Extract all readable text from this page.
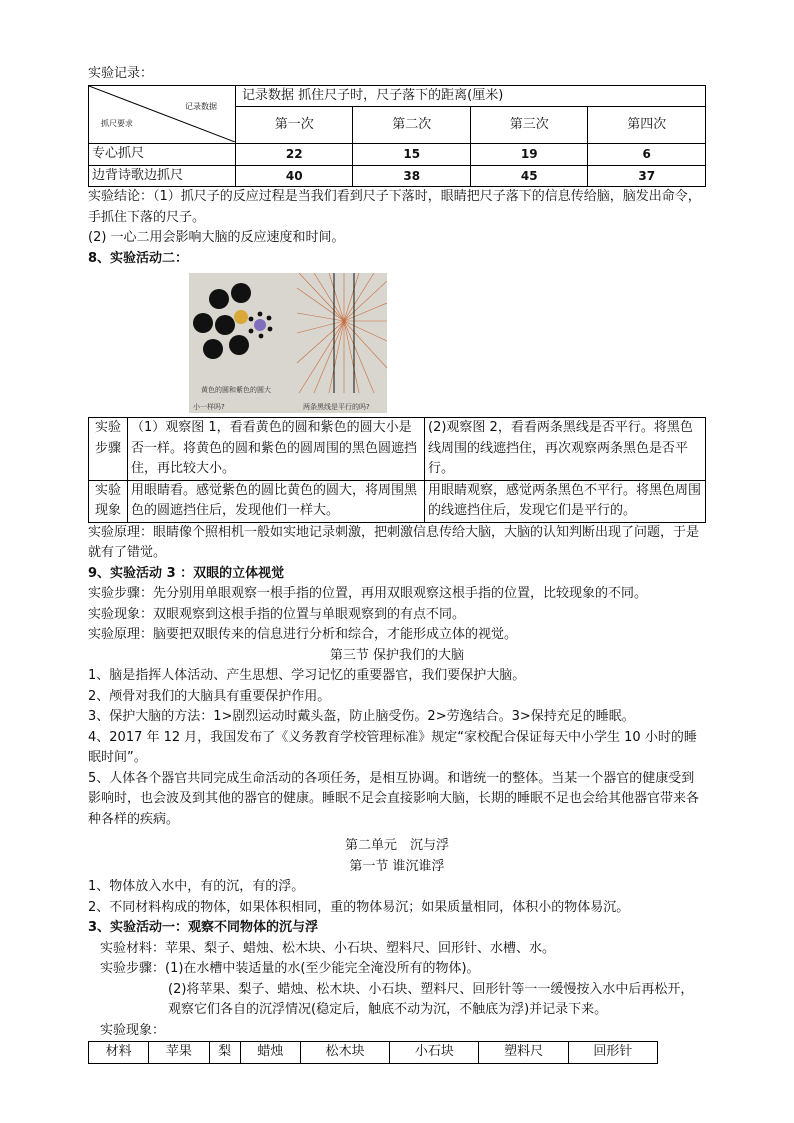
实验记录：

记录数据
抓尺要求	记录数据 抓住尺子时，尺子落下的距离(厘米)			
	第一次	第二次	第三次	第四次
专心抓尺	22	15	19	6
边背诗歌边抓尺	40	38	45	37

实验结论：（1）抓尺子的反应过程是当我们看到尺子下落时，眼睛把尺子落下的信息传给脑，脑发出命令，手抓住下落的尺子。

(2) 一心二用会影响大脑的反应速度和时间。

8、实验活动二：

黄色的圆和紫色的圆大
小一样吗?	两条黑线是平行的吗?
实验步骤	（1）观察图 1，看看黄色的圆和紫色的圆大小是否一样。将黄色的圆和紫色的圆周围的黑色圆遮挡住，再比较大小。	(2)观察图 2，看看两条黑线是否平行。将黑色线周围的线遮挡住，再次观察两条黑色是否平行。
实验现象	用眼睛看。感觉紫色的圆比黄色的圆大，将周围黑色的圆遮挡住后，发现他们一样大。	用眼睛观察，感觉两条黑色不平行。将黑色周围的线遮挡住后，发现它们是平行的。

实验原理：眼睛像个照相机一般如实地记录刺激，把刺激信息传给大脑，大脑的认知判断出现了问题，于是就有了错觉。

9、实验活动 3 ：双眼的立体视觉

实验步骤：先分别用单眼观察一根手指的位置，再用双眼观察这根手指的位置，比较现象的不同。

实验现象：双眼观察到这根手指的位置与单眼观察到的有点不同。

实验原理：脑要把双眼传来的信息进行分析和综合，才能形成立体的视觉。

第三节 保护我们的大脑

1、脑是指挥人体活动、产生思想、学习记忆的重要器官，我们要保护大脑。

2、颅骨对我们的大脑具有重要保护作用。

3、保护大脑的方法：1>剧烈运动时戴头盔，防止脑受伤。2>劳逸结合。3>保持充足的睡眠。

4、2017 年 12 月，我国发布了《义务教育学校管理标准》规定“家校配合保证每天中小学生 10 小时的睡眠时间”。

5、人体各个器官共同完成生命活动的各项任务，是相互协调。和谐统一的整体。当某一个器官的健康受到影响时，也会波及到其他的器官的健康。睡眠不足会直接影响大脑，长期的睡眠不足也会给其他器官带来各种各样的疾病。

第二单元　沉与浮

第一节 谁沉谁浮

1、物体放入水中，有的沉，有的浮。

2、不同材料构成的物体，如果体积相同，重的物体易沉；如果质量相同，体积小的物体易沉。

3、实验活动一：观察不同物体的沉与浮

实验材料：苹果、梨子、蜡烛、松木块、小石块、塑料尺、回形针、水槽、水。

实验步骤：(1)在水槽中装适量的水(至少能完全淹没所有的物体)。

(2)将苹果、梨子、蜡烛、松木块、小石块、塑料尺、回形针等一一缓慢按入水中后再松开，观察它们各自的沉浮情况(稳定后，触底不动为沉，不触底为浮)并记录下来。

实验现象：

材料	苹果	梨	蜡烛	松木块	小石块	塑料尺	回形针
